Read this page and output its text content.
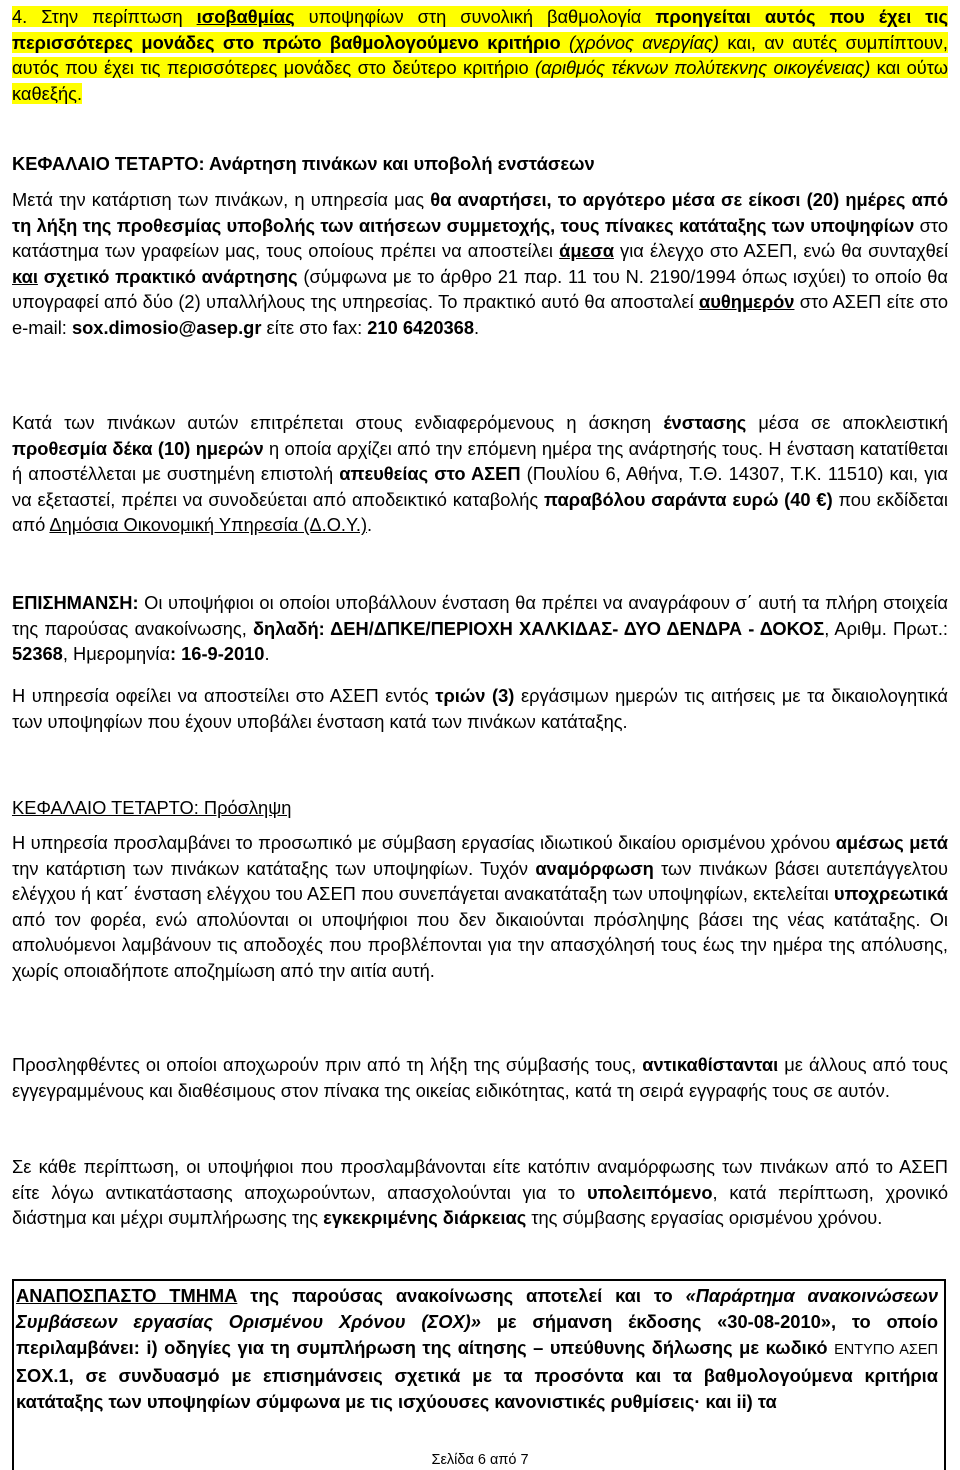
4. Στην περίπτωση ισοβαθμίας υποψηφίων στη συνολική βαθμολογία προηγείται αυτός που έχει τις περισσότερες μονάδες στο πρώτο βαθμολογούμενο κριτήριο (χρόνος ανεργίας) και, αν αυτές συμπίπτουν, αυτός που έχει τις περισσότερες μονάδες στο δεύτερο κριτήριο (αριθμός τέκνων πολύτεκνης οικογένειας) και ούτω καθεξής.

ΚΕΦΑΛΑΙΟ ΤΕΤΑΡΤΟ: Ανάρτηση πινάκων και υποβολή ενστάσεων

Μετά την κατάρτιση των πινάκων, η υπηρεσία μας θα αναρτήσει, το αργότερο μέσα σε είκοσι (20) ημέρες από τη λήξη της προθεσμίας υποβολής των αιτήσεων συμμετοχής, τους πίνακες κατάταξης των υποψηφίων στο κατάστημα των γραφείων μας, τους οποίους πρέπει να αποστείλει άμεσα για έλεγχο στο ΑΣΕΠ, ενώ θα συνταχθεί και σχετικό πρακτικό ανάρτησης (σύμφωνα με το άρθρο 21 παρ. 11 του Ν. 2190/1994 όπως ισχύει) το οποίο θα υπογραφεί από δύο (2) υπαλλήλους της υπηρεσίας. Το πρακτικό αυτό θα αποσταλεί αυθημερόν στο ΑΣΕΠ είτε στο e-mail: sox.dimosio@asep.gr είτε στο fax: 210 6420368.

Κατά των πινάκων αυτών επιτρέπεται στους ενδιαφερόμενους η άσκηση ένστασης μέσα σε αποκλειστική προθεσμία δέκα (10) ημερών η οποία αρχίζει από την επόμενη ημέρα της ανάρτησής τους. Η ένσταση κατατίθεται ή αποστέλλεται με συστημένη επιστολή απευθείας στο ΑΣΕΠ (Πουλίου 6, Αθήνα, Τ.Θ. 14307, Τ.Κ. 11510) και, για να εξεταστεί, πρέπει να συνοδεύεται από αποδεικτικό καταβολής παραβόλου σαράντα ευρώ (40 €) που εκδίδεται από Δημόσια Οικονομική Υπηρεσία (Δ.Ο.Υ.).

ΕΠΙΣΗΜΑΝΣΗ: Οι υποψήφιοι οι οποίοι υποβάλλουν ένσταση θα πρέπει να αναγράφουν σ΄ αυτή τα πλήρη στοιχεία της παρούσας ανακοίνωσης, δηλαδή: ΔΕΗ/ΔΠΚΕ/ΠΕΡΙΟΧΗ ΧΑΛΚΙΔΑΣ- ΔΥΟ ΔΕΝΔΡΑ - ΔΟΚΟΣ, Αριθμ. Πρωτ.: 52368, Ημερομηνία: 16-9-2010.

Η υπηρεσία οφείλει να αποστείλει στο ΑΣΕΠ εντός τριών (3) εργάσιμων ημερών τις αιτήσεις με τα δικαιολογητικά των υποψηφίων που έχουν υποβάλει ένσταση κατά των πινάκων κατάταξης.

ΚΕΦΑΛΑΙΟ ΤΕΤΑΡΤΟ: Πρόσληψη

Η υπηρεσία προσλαμβάνει το προσωπικό με σύμβαση εργασίας ιδιωτικού δικαίου ορισμένου χρόνου αμέσως μετά την κατάρτιση των πινάκων κατάταξης των υποψηφίων. Τυχόν αναμόρφωση των πινάκων βάσει αυτεπάγγελτου ελέγχου ή κατ΄ ένσταση ελέγχου του ΑΣΕΠ που συνεπάγεται ανακατάταξη των υποψηφίων, εκτελείται υποχρεωτικά από τον φορέα, ενώ απολύονται οι υποψήφιοι που δεν δικαιούνται πρόσληψης βάσει της νέας κατάταξης. Οι απολυόμενοι λαμβάνουν τις αποδοχές που προβλέπονται για την απασχόλησή τους έως την ημέρα της απόλυσης, χωρίς οποιαδήποτε αποζημίωση από την αιτία αυτή.

Προσληφθέντες οι οποίοι αποχωρούν πριν από τη λήξη της σύμβασής τους, αντικαθίστανται με άλλους από τους εγγεγραμμένους και διαθέσιμους στον πίνακα της οικείας ειδικότητας, κατά τη σειρά εγγραφής τους σε αυτόν.

Σε κάθε περίπτωση, οι υποψήφιοι που προσλαμβάνονται είτε κατόπιν αναμόρφωσης των πινάκων από το ΑΣΕΠ είτε λόγω αντικατάστασης αποχωρούντων, απασχολούνται για το υπολειπόμενο, κατά περίπτωση, χρονικό διάστημα και μέχρι συμπλήρωσης της εγκεκριμένης διάρκειας της σύμβασης εργασίας ορισμένου χρόνου.

ΑΝΑΠΟΣΠΑΣΤΟ ΤΜΗΜΑ της παρούσας ανακοίνωσης αποτελεί και το «Παράρτημα ανακοινώσεων Συμβάσεων εργασίας Ορισμένου Χρόνου (ΣΟΧ)» με σήμανση έκδοσης «30-08-2010», το οποίο περιλαμβάνει: i) οδηγίες για τη συμπλήρωση της αίτησης – υπεύθυνης δήλωσης με κωδικό ΕΝΤΥΠΟ ΑΣΕΠ ΣΟΧ.1, σε συνδυασμό με επισημάνσεις σχετικά με τα προσόντα και τα βαθμολογούμενα κριτήρια κατάταξης των υποψηφίων σύμφωνα με τις ισχύουσες κανονιστικές ρυθμίσεις· και ii) τα

Σελίδα 6 από 7
